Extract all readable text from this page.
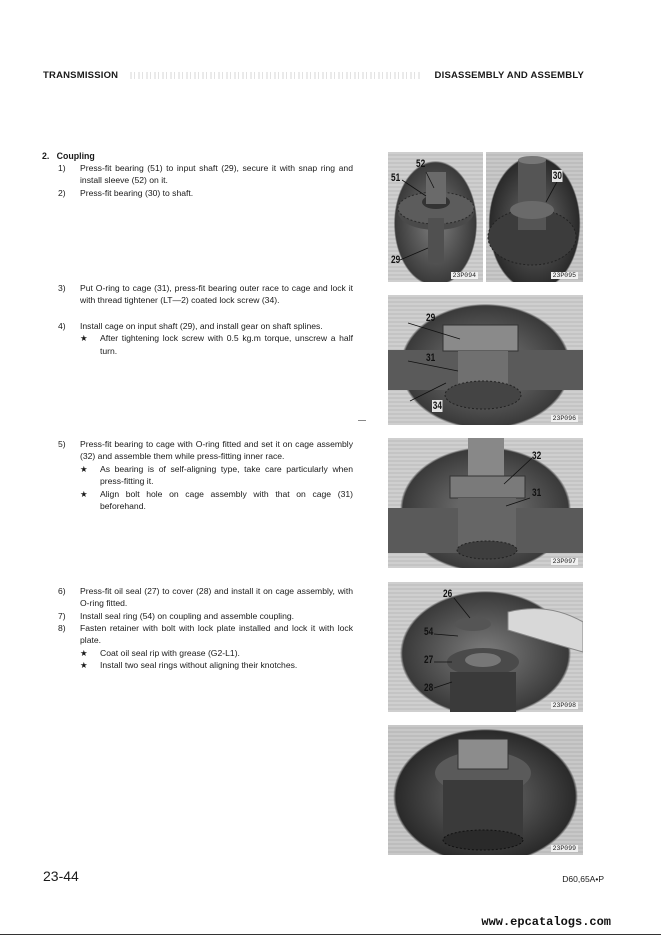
TRANSMISSION	DISASSEMBLY AND ASSEMBLY
2.   Coupling
1)	Press-fit bearing (51) to input shaft (29), secure it with snap ring and install sleeve (52) on it.
2)	Press-fit bearing (30) to shaft.
3)	Put O-ring to cage (31), press-fit bearing outer race to cage and lock it with thread tightener (LT—2) coated lock screw (34).
4)	Install cage on input shaft (29), and install gear on shaft splines.
★ After tightening lock screw with 0.5 kg.m torque, unscrew a half turn.
5)	Press-fit bearing to cage with O-ring fitted and set it on cage assembly (32) and assemble them while press-fitting inner race.
★ As bearing is of self-aligning type, take care particularly when press-fitting it.
★ Align bolt hole on cage assembly with that on cage (31) beforehand.
6)	Press-fit oil seal (27) to cover (28) and install it on cage assembly, with O-ring fitted.
7)	Install seal ring (54) on coupling and assemble coupling.
8)	Fasten retainer with bolt with lock plate installed and lock it with lock plate.
★ Coat oil seal rip with grease (G2-L1).
★ Install two seal rings without aligning their knotches.
52
51
29
23P094
30
23P095
29
31
34
23P096
32
31
23P097
26
54
27
28
23P098
23P099
23-44	D60,65A•P
www.epcatalogs.com
